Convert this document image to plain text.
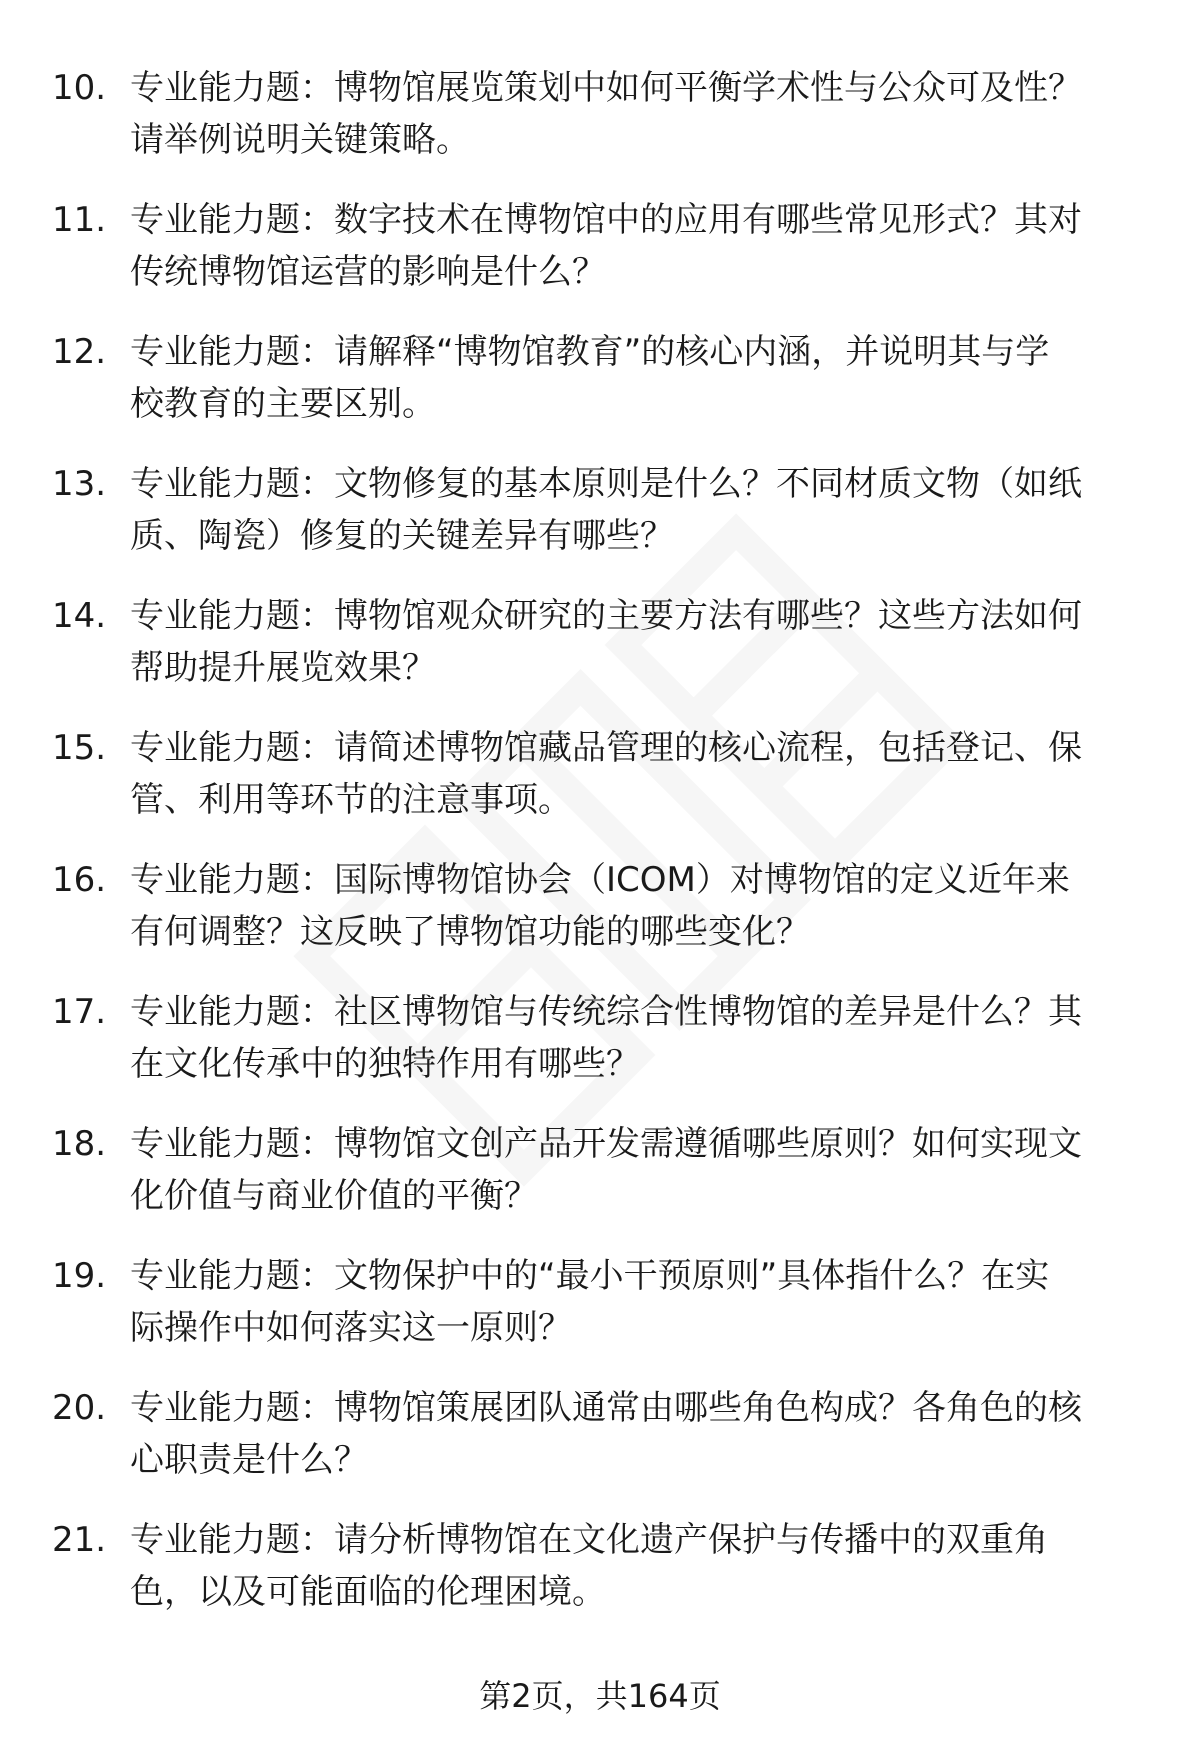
10. 专业能力题：博物馆展览策划中如何平衡学术性与公众可及性？
请举例说明关键策略。
11. 专业能力题：数字技术在博物馆中的应用有哪些常见形式？其对
传统博物馆运营的影响是什么？
12. 专业能力题：请解释“博物馆教育”的核心内涵，并说明其与学
校教育的主要区别。
13. 专业能力题：文物修复的基本原则是什么？不同材质文物（如纸
质、陶瓷）修复的关键差异有哪些？
14. 专业能力题：博物馆观众研究的主要方法有哪些？这些方法如何
帮助提升展览效果？
15. 专业能力题：请简述博物馆藏品管理的核心流程，包括登记、保
管、利用等环节的注意事项。
16. 专业能力题：国际博物馆协会（ICOM）对博物馆的定义近年来
有何调整？这反映了博物馆功能的哪些变化？
17. 专业能力题：社区博物馆与传统综合性博物馆的差异是什么？其
在文化传承中的独特作用有哪些？
18. 专业能力题：博物馆文创产品开发需遵循哪些原则？如何实现文
化价值与商业价值的平衡？
19. 专业能力题：文物保护中的“最小干预原则”具体指什么？在实
际操作中如何落实这一原则？
20. 专业能力题：博物馆策展团队通常由哪些角色构成？各角色的核
心职责是什么？
21. 专业能力题：请分析博物馆在文化遗产保护与传播中的双重角
色，以及可能面临的伦理困境。
第2页，共164页
